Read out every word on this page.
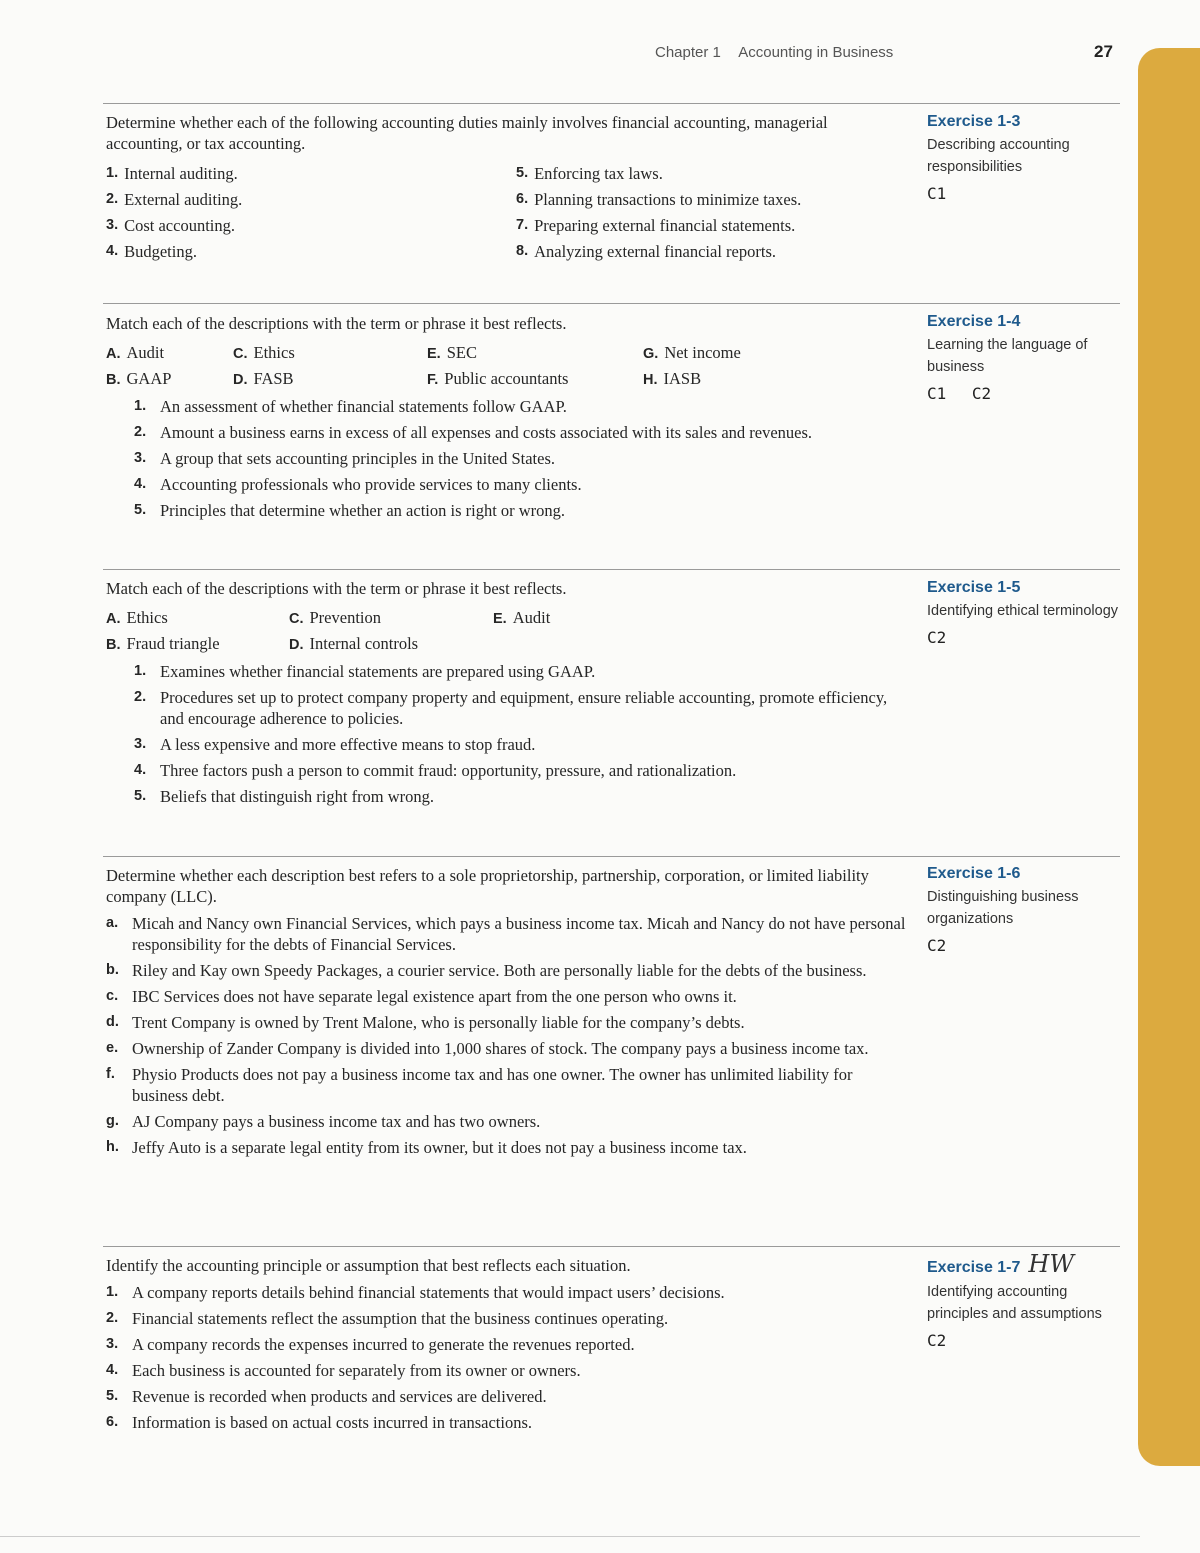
Chapter 1 Accounting in Business	27

Determine whether each of the following accounting duties mainly involves financial accounting, managerial accounting, or tax accounting.

1. Internal auditing.
2. External auditing.
3. Cost accounting.
4. Budgeting.
5. Enforcing tax laws.
6. Planning transactions to minimize taxes.
7. Preparing external financial statements.
8. Analyzing external financial reports.
Exercise 1-3
Describing accounting responsibilities
C1

Match each of the descriptions with the term or phrase it best reflects.

A. Audit	C. Ethics	E. SEC	G. Net income
B. GAAP	D. FASB	F. Public accountants	H. IASB
1. An assessment of whether financial statements follow GAAP.
2. Amount a business earns in excess of all expenses and costs associated with its sales and revenues.
3. A group that sets accounting principles in the United States.
4. Accounting professionals who provide services to many clients.
5. Principles that determine whether an action is right or wrong.
Exercise 1-4
Learning the language of business
C1 C2

Match each of the descriptions with the term or phrase it best reflects.

A. Ethics	C. Prevention	E. Audit
B. Fraud triangle	D. Internal controls
1. Examines whether financial statements are prepared using GAAP.
2. Procedures set up to protect company property and equipment, ensure reliable accounting, promote efficiency, and encourage adherence to policies.
3. A less expensive and more effective means to stop fraud.
4. Three factors push a person to commit fraud: opportunity, pressure, and rationalization.
5. Beliefs that distinguish right from wrong.
Exercise 1-5
Identifying ethical terminology
C2

Determine whether each description best refers to a sole proprietorship, partnership, corporation, or limited liability company (LLC).

a. Micah and Nancy own Financial Services, which pays a business income tax. Micah and Nancy do not have personal responsibility for the debts of Financial Services.
b. Riley and Kay own Speedy Packages, a courier service. Both are personally liable for the debts of the business.
c. IBC Services does not have separate legal existence apart from the one person who owns it.
d. Trent Company is owned by Trent Malone, who is personally liable for the company’s debts.
e. Ownership of Zander Company is divided into 1,000 shares of stock. The company pays a business income tax.
f.	Physio Products does not pay a business income tax and has one owner. The owner has unlimited liability for business debt.
g. AJ Company pays a business income tax and has two owners.
h. Jeffy Auto is a separate legal entity from its owner, but it does not pay a business income tax.
Exercise 1-6
Distinguishing business organizations
C2

Identify the accounting principle or assumption that best reflects each situation.

1. A company reports details behind financial statements that would impact users’ decisions.
2. Financial statements reflect the assumption that the business continues operating.
3. A company records the expenses incurred to generate the revenues reported.
4. Each business is accounted for separately from its owner or owners.
5. Revenue is recorded when products and services are delivered.
6. Information is based on actual costs incurred in transactions.
Exercise 1-7 HW
Identifying accounting principles and assumptions
C2
